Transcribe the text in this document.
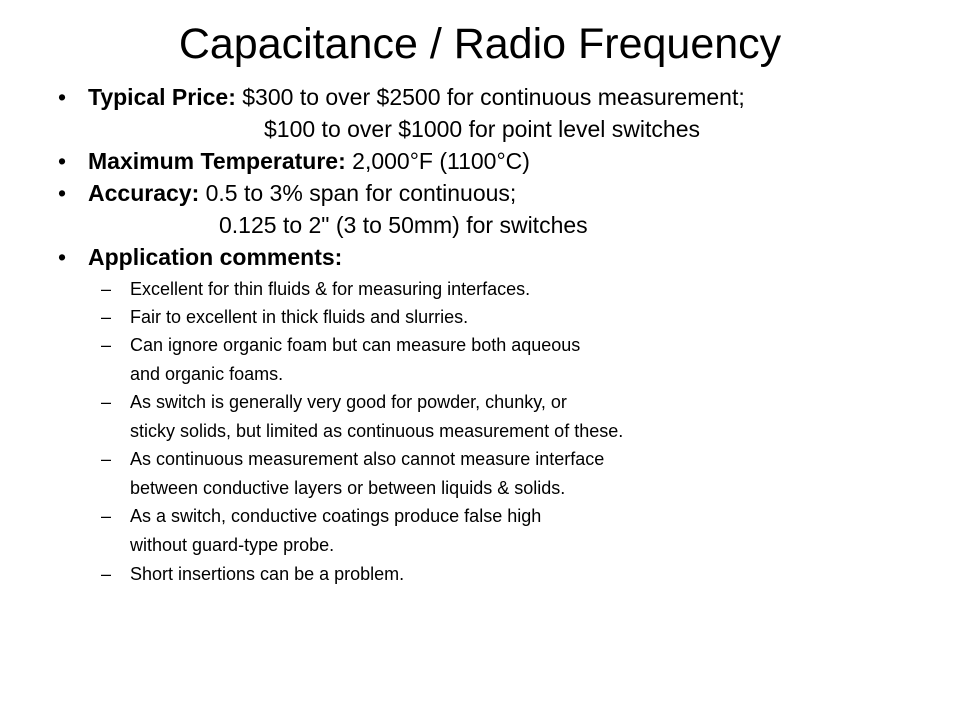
Capacitance / Radio Frequency
• Typical Price: $300 to over $2500 for continuous measurement;
$100 to over $1000 for point level switches
• Maximum Temperature: 2,000°F (1100°C)
• Accuracy: 0.5 to 3% span for continuous;
0.125 to 2" (3 to 50mm) for switches
• Application comments:
– Excellent for thin fluids & for measuring interfaces.
– Fair to excellent in thick fluids and slurries.
– Can ignore organic foam but can measure both aqueous
and organic foams.
– As switch is generally very good for powder, chunky, or
sticky solids, but limited as continuous measurement of these.
– As continuous measurement also cannot measure interface
between conductive layers or between liquids & solids.
– As a switch, conductive coatings produce false high
without guard-type probe.
– Short insertions can be a problem.
